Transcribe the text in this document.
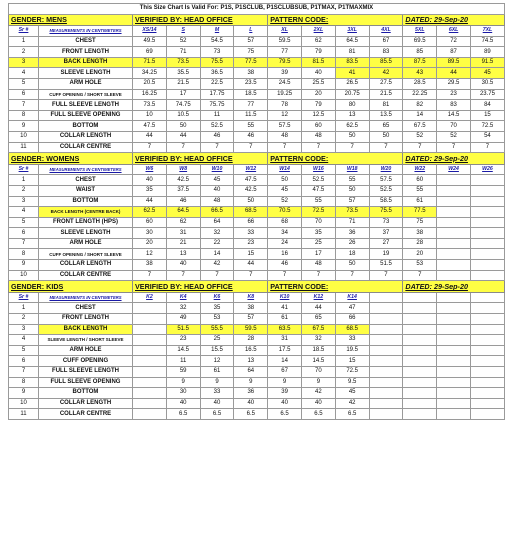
This Size Chart Is Valid For: P1S, P1SCLUB, P1SCLUBSUB, P1TMAX, P1TMAXMIX												
GENDER: MENS		VERIFIED BY: HEAD OFFICE				PATTERN CODE:				DATED: 29-Sep-20		
Sr #	MEASUREMENTS IN CENTIMETERS	XS/14	S	M	L	XL	2XL	3XL	4XL	5XL	6XL	7XL
1	CHEST	49.5	52	54.5	57	59.5	62	64.5	67	69.5	72	74.5
2	FRONT LENGTH	69	71	73	75	77	79	81	83	85	87	89
3	BACK LENGTH	71.5	73.5	75.5	77.5	79.5	81.5	83.5	85.5	87.5	89.5	91.5
4	SLEEVE LENGTH	34.25	35.5	36.5	38	39	40	41	42	43	44	45
5	ARM HOLE	20.5	21.5	22.5	23.5	24.5	25.5	26.5	27.5	28.5	29.5	30.5
6	CUFF OPENING / SHORT SLEEVE	16.25	17	17.75	18.5	19.25	20	20.75	21.5	22.25	23	23.75
7	FULL SLEEVE LENGTH	73.5	74.75	75.75	77	78	79	80	81	82	83	84
8	FULL SLEEVE OPENING	10	10.5	11	11.5	12	12.5	13	13.5	14	14.5	15
9	BOTTOM	47.5	50	52.5	55	57.5	60	62.5	65	67.5	70	72.5
10	COLLAR LENGTH	44	44	46	46	48	48	50	50	52	52	54
11	COLLAR CENTRE	7	7	7	7	7	7	7	7	7	7	7
GENDER: WOMENS		VERIFIED BY: HEAD OFFICE				PATTERN CODE:				DATED: 29-Sep-20		
Sr #	MEASUREMENTS IN CENTIMETERS	W6	W8	W10	W12	W14	W16	W18	W20	W22	W24	W26
1	CHEST	40	42.5	45	47.5	50	52.5	55	57.5	60		
2	WAIST	35	37.5	40	42.5	45	47.5	50	52.5	55		
3	BOTTOM	44	46	48	50	52	55	57	58.5	61		
4	BACK LENGTH (CENTRE BACK)	62.5	64.5	66.5	68.5	70.5	72.5	73.5	75.5	77.5		
5	FRONT LENGTH (HPS)	60	62	64	66	68	70	71	73	75		
6	SLEEVE LENGTH	30	31	32	33	34	35	36	37	38		
7	ARM HOLE	20	21	22	23	24	25	26	27	28		
8	CUFF OPENING / SHORT SLEEVE	12	13	14	15	16	17	18	19	20		
9	COLLAR LENGTH	38	40	42	44	46	48	50	51.5	53		
10	COLLAR CENTRE	7	7	7	7	7	7	7	7	7		
GENDER: KIDS		VERIFIED BY: HEAD OFFICE				PATTERN CODE:				DATED: 29-Sep-20		
Sr #	MEASUREMENTS IN CENTIMETERS	K2	K4	K6	K8	K10	K12	K14				
1	CHEST		32	35	38	41	44	47				
2	FRONT LENGTH		49	53	57	61	65	66				
3	BACK LENGTH		51.5	55.5	59.5	63.5	67.5	68.5				
4	SLEEVE LENGTH / SHORT SLEEVE		23	25	28	31	32	33				
5	ARM HOLE		14.5	15.5	16.5	17.5	18.5	19.5				
6	CUFF OPENING		11	12	13	14	14.5	15				
7	FULL SLEEVE LENGTH		59	61	64	67	70	72.5				
8	FULL SLEEVE OPENING		9	9	9	9	9	9.5				
9	BOTTOM		30	33	36	39	42	45				
10	COLLAR LENGTH		40	40	40	40	40	42				
11	COLLAR CENTRE		6.5	6.5	6.5	6.5	6.5	6.5				
